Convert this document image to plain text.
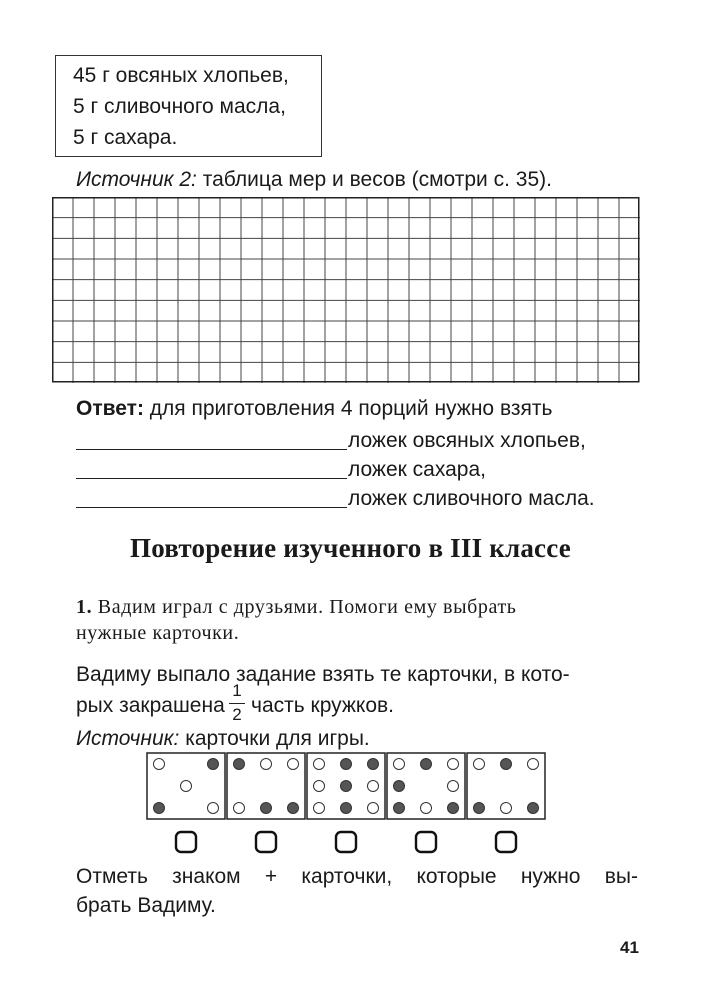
45 г овсяных хлопьев,
5 г сливочного масла,
5 г сахара.
Источник 2: таблица мер и весов (смотри с. 35).
Ответ: для приготовления 4 порций нужно взять
ложек овсяных хлопьев,
ложек сахара,
ложек сливочного масла.
Повторение изученного в III классе
1. Вадим играл с друзьями. Помоги ему выбрать
нужные карточки.
Вадиму выпало задание взять те карточки, в кото-
рых закрашена
1
2 часть кружков.
Источник: карточки для игры.
Отметь знаком + карточки, которые нужно вы-
брать Вадиму.
41
